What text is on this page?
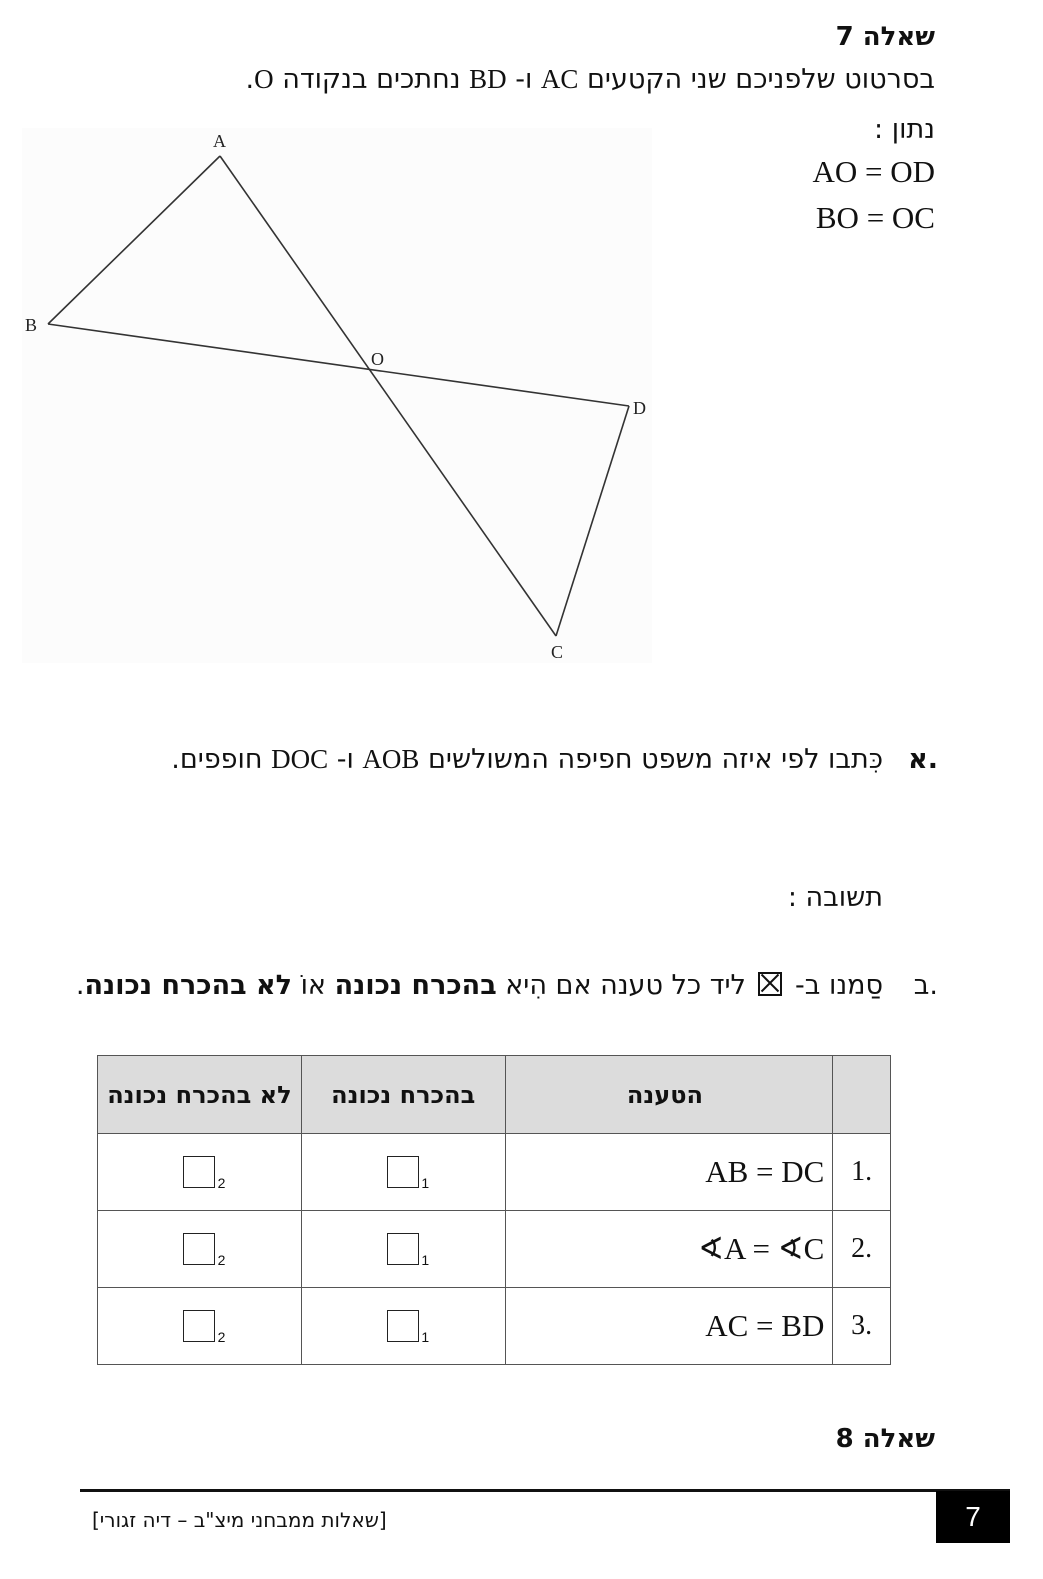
שאלה 7
בסרטוט שלפניכם שני הקטעים AC ו- BD נחתכים בנקודה O.
נתון :
AO = OD
BO = OC
A
B
O
D
C
א.
כִּתבו לפי איזה משפט חפיפה המשולשים AOB ו- DOC חופפים.
תשובה :
ב.
סַמנו ב-  ליד כל טענה אם הִיא בהכרח נכונה אוֹ לא בהכרח נכונה.
	הטענה	בהכרח נכונה	לא בהכרח נכונה
.1	AB = DC	1	2

.2	∢A = ∢C	1	2

.3	AC = BD	1	2
שאלה 8
[שאלות ממבחני מיצ"ב – דיה זגורי]	7
